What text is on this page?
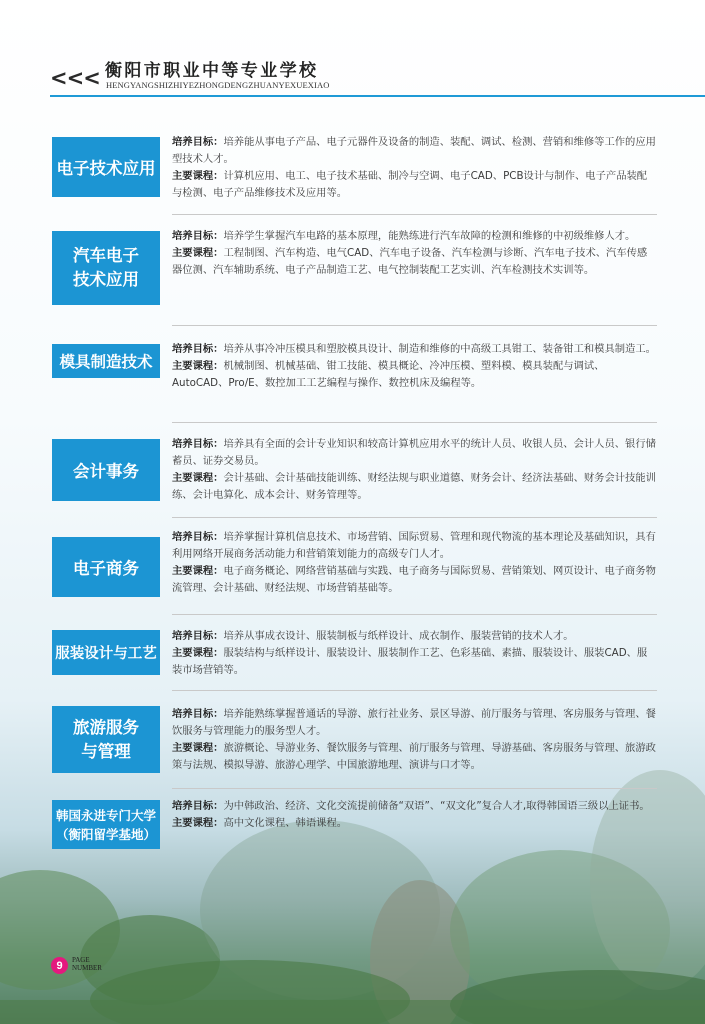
<<< 衡阳市职业中等专业学校
HENGYANGSHIZHIYEZHONGDENGZHUANYEXUEXIAO
电子技术应用
培养目标：培养能从事电子产品、电子元器件及设备的制造、装配、调试、检测、营销和维修等工作的应用型技术人才。
主要课程：计算机应用、电工、电子技术基础、制冷与空调、电子CAD、PCB设计与制作、电子产品装配与检测、电子产品维修技术及应用等。
汽车电子
技术应用
培养目标：培养学生掌握汽车电路的基本原理，能熟练进行汽车故障的检测和维修的中初级维修人才。
主要课程：工程制图、汽车构造、电气CAD、汽车电子设备、汽车检测与诊断、汽车电子技术、汽车传感器位测、汽车辅助系统、电子产品制造工艺、电气控制装配工艺实训、汽车检测技术实训等。
模具制造技术
培养目标：培养从事冷冲压模具和塑胶模具设计、制造和维修的中高级工具钳工、装备钳工和模具制造工。
主要课程：机械制图、机械基础、钳工技能、模具概论、冷冲压模、塑料模、模具装配与调试、AutoCAD、Pro/E、数控加工工艺编程与操作、数控机床及编程等。
会计事务
培养目标：培养具有全面的会计专业知识和较高计算机应用水平的统计人员、收银人员、会计人员、银行储蓄员、证券交易员。
主要课程：会计基础、会计基础技能训练、财经法规与职业道德、财务会计、经济法基础、财务会计技能训练、会计电算化、成本会计、财务管理等。
电子商务
培养目标：培养掌握计算机信息技术、市场营销、国际贸易、管理和现代物流的基本理论及基础知识，具有利用网络开展商务活动能力和营销策划能力的高级专门人才。
主要课程：电子商务概论、网络营销基础与实践、电子商务与国际贸易、营销策划、网页设计、电子商务物流管理、会计基础、财经法规、市场营销基础等。
服装设计与工艺
培养目标：培养从事成衣设计、服装制板与纸样设计、成衣制作、服装营销的技术人才。
主要课程：服装结构与纸样设计、服装设计、服装制作工艺、色彩基础、素描、服装设计、服装CAD、服装市场营销等。
旅游服务
与管理
培养目标：培养能熟练掌握普通话的导游、旅行社业务、景区导游、前厅服务与管理、客房服务与管理、餐饮服务与管理能力的服务型人才。
主要课程：旅游概论、导游业务、餐饮服务与管理、前厅服务与管理、导游基础、客房服务与管理、旅游政策与法规、模拟导游、旅游心理学、中国旅游地理、演讲与口才等。
韩国永进专门大学
（衡阳留学基地）
培养目标：为中韩政治、经济、文化交流提前储备“双语”、“双文化”复合人才,取得韩国语三级以上证书。
主要课程：高中文化课程、韩语课程。
9	PAGE
NUMBER
